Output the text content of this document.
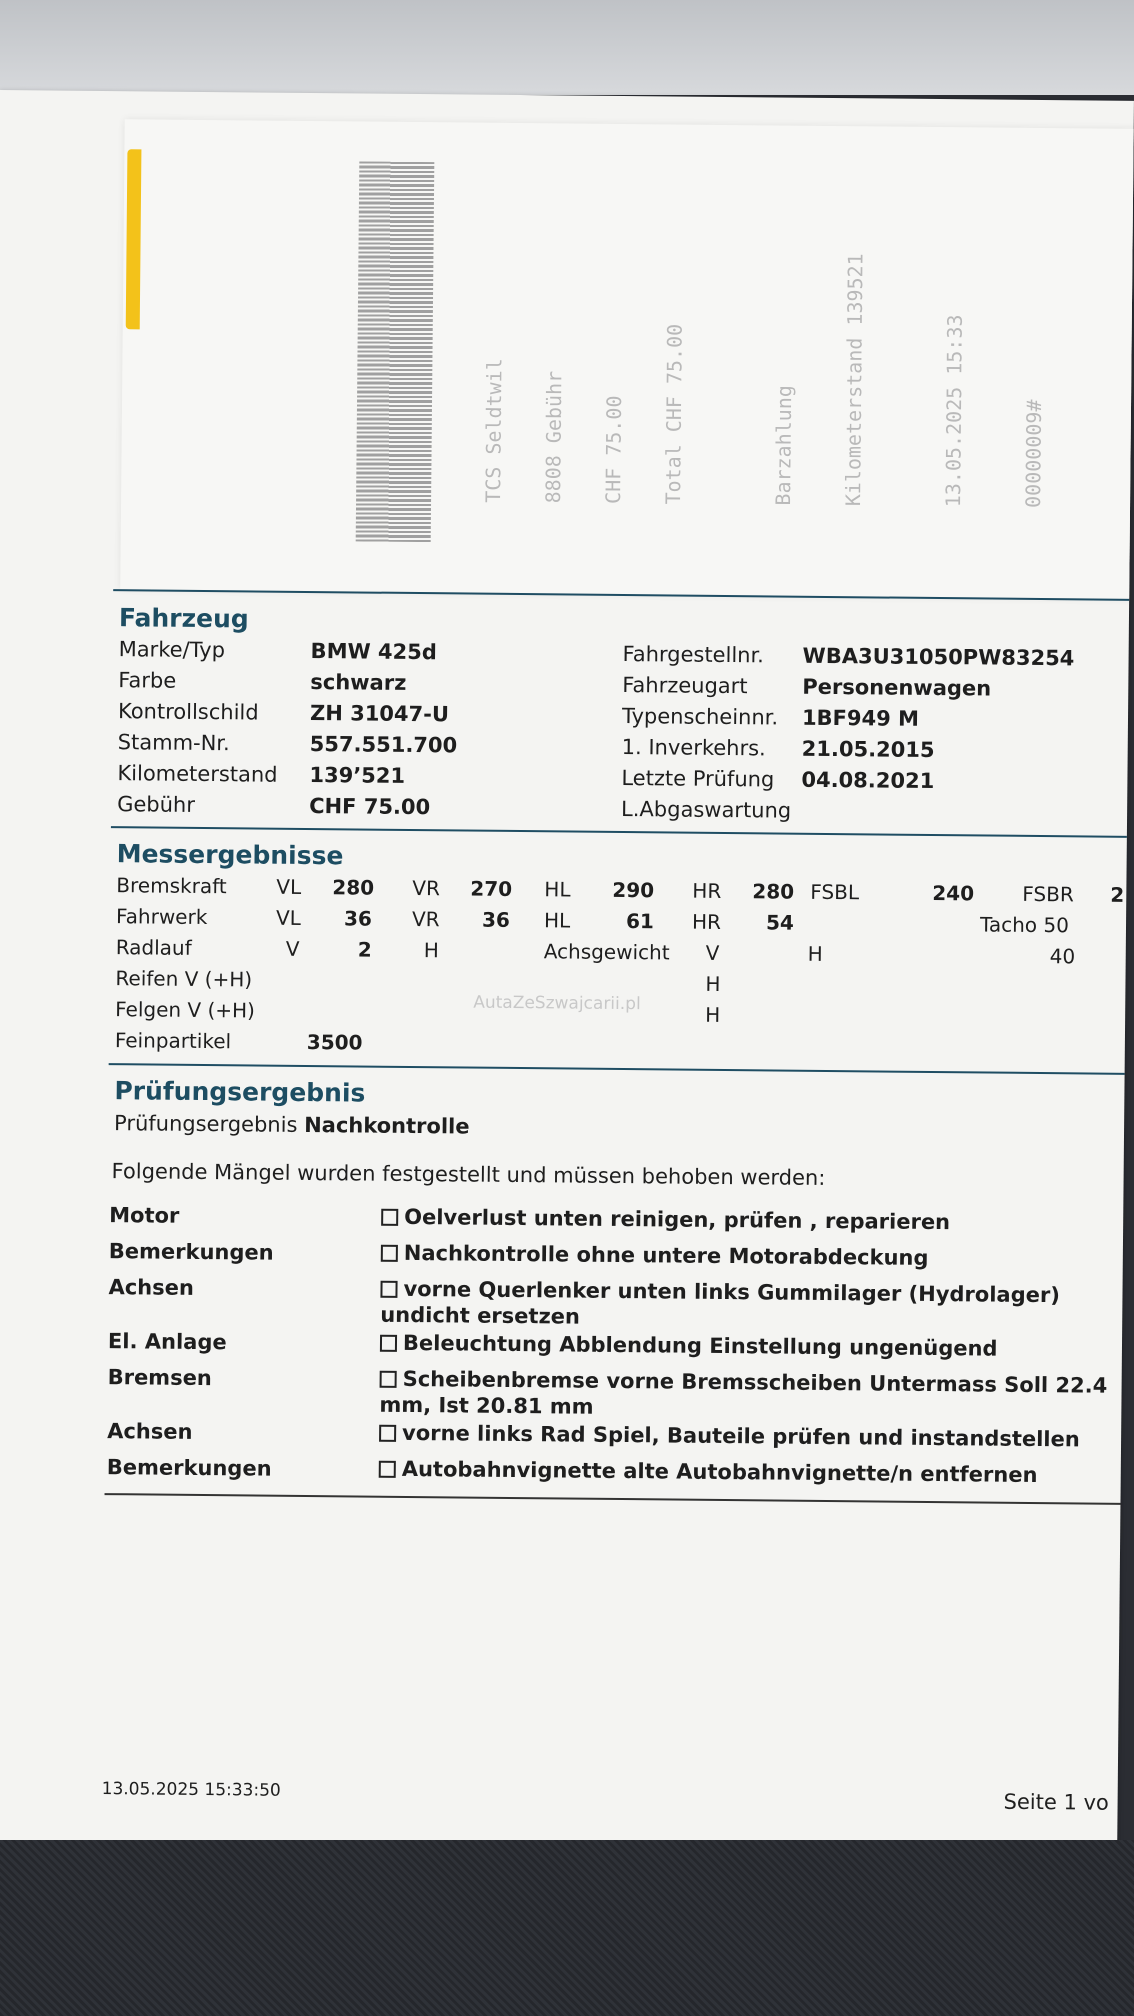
TCS Seldtwil 8808 Gebühr CHF 75.00 Total CHF 75.00	Barzahlung Kilometerstand 139521	13.05.2025 15:33	00000009#
Fahrzeug
Marke/Typ	BMW 425d
Farbe	schwarz
Kontrollschild ZH 31047-U
Stamm-Nr.	557.551.700
Kilometerstand 139’521
Gebühr	CHF 75.00
Fahrgestellnr. WBA3U31050PW83254
Fahrzeugart	Personenwagen
Typenscheinnr. 1BF949 M
1. Inverkehrs. 21.05.2015
Letzte Prüfung 04.08.2021
L.Abgaswartung
Messergebnisse
Bremskraft VL 280 VR 270 HL 290 HR 280 FSBL	240 FSBR 2
Fahrwerk	VL 36 VR 36 HL	61 HR 54	Tacho 50
Radlauf	V	2	H	Achsgewicht V	H	40
Reifen V (+H)	H
Felgen V (+H)	H
Feinpartikel	3500
AutaZeSzwajcarii.pl
Prüfungsergebnis
Prüfungsergebnis Nachkontrolle
Folgende Mängel wurden festgestellt und müssen behoben werden:
Motor	Oelverlust unten reinigen, prüfen , reparieren
Bemerkungen	Nachkontrolle ohne untere Motorabdeckung
Achsen	vorne Querlenker unten links Gummilager (Hydrolager) undicht ersetzen
El. Anlage	Beleuchtung Abblendung Einstellung ungenügend
Bremsen	Scheibenbremse vorne Bremsscheiben Untermass Soll 22.4 mm, Ist 20.81 mm
Achsen	vorne links Rad Spiel, Bauteile prüfen und instandstellen
Bemerkungen	Autobahnvignette alte Autobahnvignette/n entfernen
13.05.2025 15:33:50	Seite 1 vo
